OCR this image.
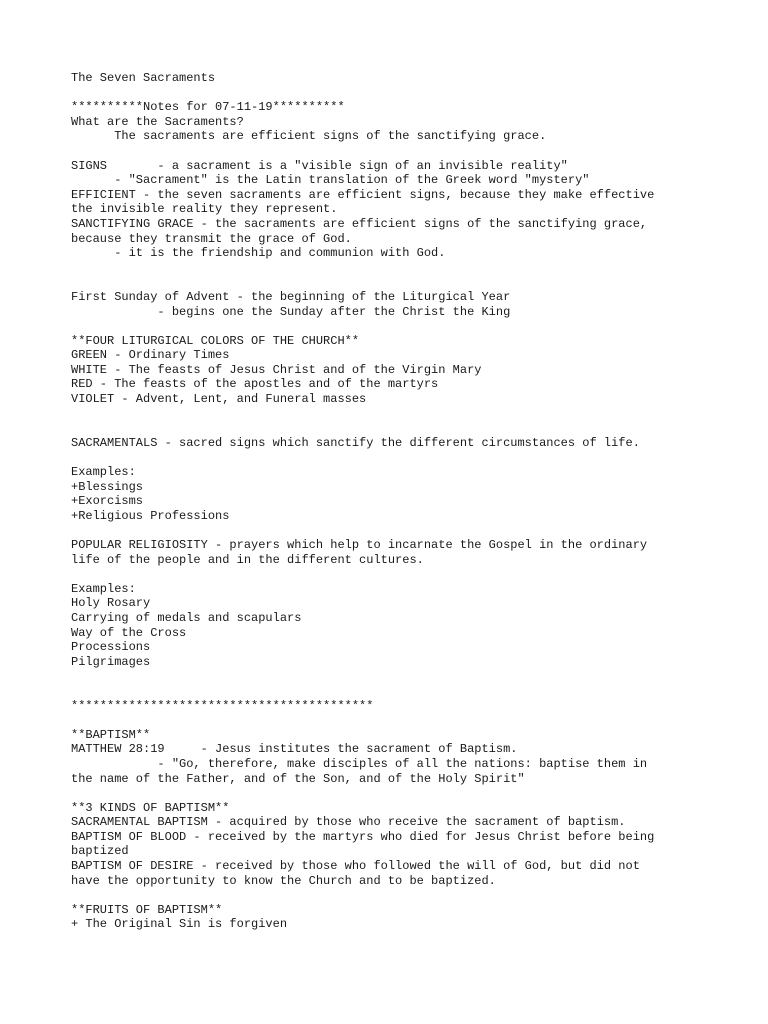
The Seven Sacraments
**********Notes for 07-11-19**********
What are the Sacraments?
The sacraments are efficient signs of the sanctifying grace.
SIGNS       - a sacrament is a "visible sign of an invisible reality"
- "Sacrament" is the Latin translation of the Greek word "mystery"
EFFICIENT - the seven sacraments are efficient signs, because they make effective
the invisible reality they represent.
SANCTIFYING GRACE - the sacraments are efficient signs of the sanctifying grace,
because they transmit the grace of God.
- it is the friendship and communion with God.
First Sunday of Advent - the beginning of the Liturgical Year
- begins one the Sunday after the Christ the King
**FOUR LITURGICAL COLORS OF THE CHURCH**
GREEN - Ordinary Times
WHITE - The feasts of Jesus Christ and of the Virgin Mary
RED - The feasts of the apostles and of the martyrs
VIOLET - Advent, Lent, and Funeral masses
SACRAMENTALS - sacred signs which sanctify the different circumstances of life.
Examples:
+Blessings
+Exorcisms
+Religious Professions
POPULAR RELIGIOSITY - prayers which help to incarnate the Gospel in the ordinary
life of the people and in the different cultures.
Examples:
Holy Rosary
Carrying of medals and scapulars
Way of the Cross
Processions
Pilgrimages
******************************************
**BAPTISM**
MATTHEW 28:19     - Jesus institutes the sacrament of Baptism.
- "Go, therefore, make disciples of all the nations: baptise them in
the name of the Father, and of the Son, and of the Holy Spirit"
**3 KINDS OF BAPTISM**
SACRAMENTAL BAPTISM - acquired by those who receive the sacrament of baptism.
BAPTISM OF BLOOD - received by the martyrs who died for Jesus Christ before being
baptized
BAPTISM OF DESIRE - received by those who followed the will of God, but did not
have the opportunity to know the Church and to be baptized.
**FRUITS OF BAPTISM**
+ The Original Sin is forgiven
